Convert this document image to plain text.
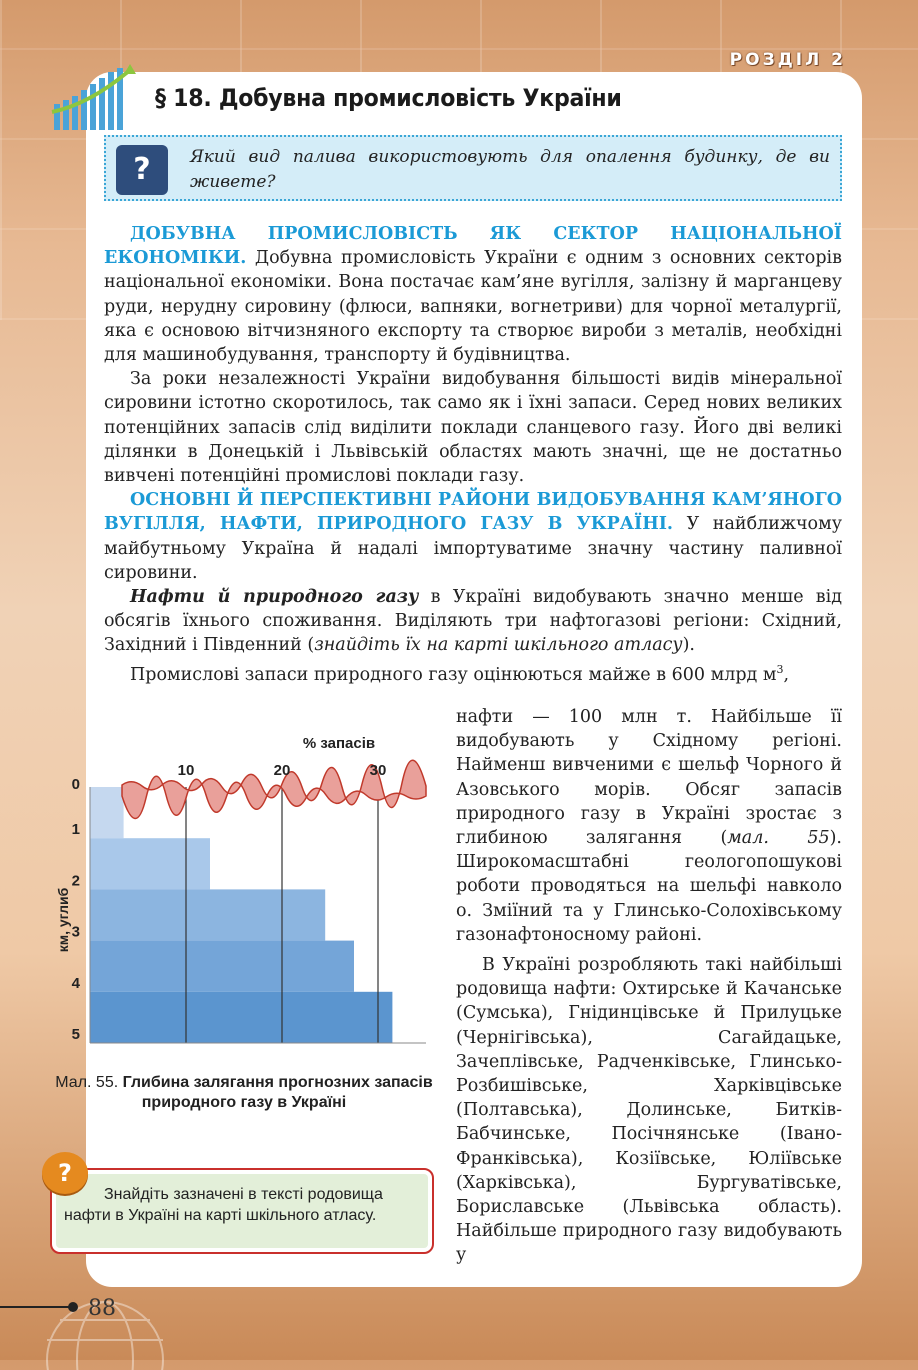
РОЗДІЛ 2
§ 18. Добувна промисловість України
?	Який вид палива використовують для опалення будинку, де ви живете?

ДОБУВНА ПРОМИСЛОВІСТЬ ЯК СЕКТОР НАЦІОНАЛЬНОЇ ЕКОНОМІКИ. Добувна промисловість України є одним з основних секторів національної економіки. Вона постачає кам’яне вугілля, залізну й марганцеву руди, нерудну сировину (флюси, вапняки, вогнетриви) для чорної металургії, яка є основою вітчизняного експорту та створює вироби з металів, необхідні для машинобудування, транспорту й будівництва.

За роки незалежності України видобування більшості видів мінеральної сировини істотно скоротилось, так само як і їхні запаси. Серед нових великих потенційних запасів слід виділити поклади сланцевого газу. Його дві великі ділянки в Донецькій і Львівській областях мають значні, ще не достатньо вивчені потенційні промислові поклади газу.

ОСНОВНІ Й ПЕРСПЕКТИВНІ РАЙОНИ ВИДОБУВАННЯ КАМ’ЯНОГО ВУГІЛЛЯ, НАФТИ, ПРИРОДНОГО ГАЗУ В УКРАЇНІ. У найближчому майбутньому Україна й надалі імпортуватиме значну частину паливної сировини.

Нафти й природного газу в Україні видобувають значно менше від обсягів їхнього споживання. Виділяють три нафтогазові регіони: Східний, Західний і Південний (знайдіть їх на карті шкільного атласу).

Промислові запаси природного газу оцінюються майже в 600 млрд $м^3$,

нафти — 100 млн т. Найбільше її видобувають у Східному регіоні. Найменш вивченими є шельф Чорного й Азовського морів. Обсяг запасів природного газу в Україні зростає з глибиною залягання (мал. 55). Широкомасштабні геологопошукові роботи проводяться на шельфі навколо о. Зміїний та у Глинсько-Солохівському газонафтоносному районі.

В Україні розробляють такі найбільші родовища нафти: Охтирське й Качанське (Сумська), Гнідинцівське й Прилуцьке (Чернігівська), Сагайдацьке, Зачеплівське, Радченківське, Глинсько-Розбишівське, Харківцівське (Полтавська), Долинське, Битків-Бабчинське, Посічнянське (Івано-Франківська), Козіївське, Юліївське (Харківська), Бургуватівське, Бориславське (Львівська область). Найбільше природного газу видобувають у

% запасів
км, углиб
10	20	30
0
1
2
3
4
5
Мал. 55. Глибина залягання прогнозних запасів природного газу в Україні
Знайдіть зазначені в тексті родовища нафти в Україні на карті шкільного атласу.
?
88
